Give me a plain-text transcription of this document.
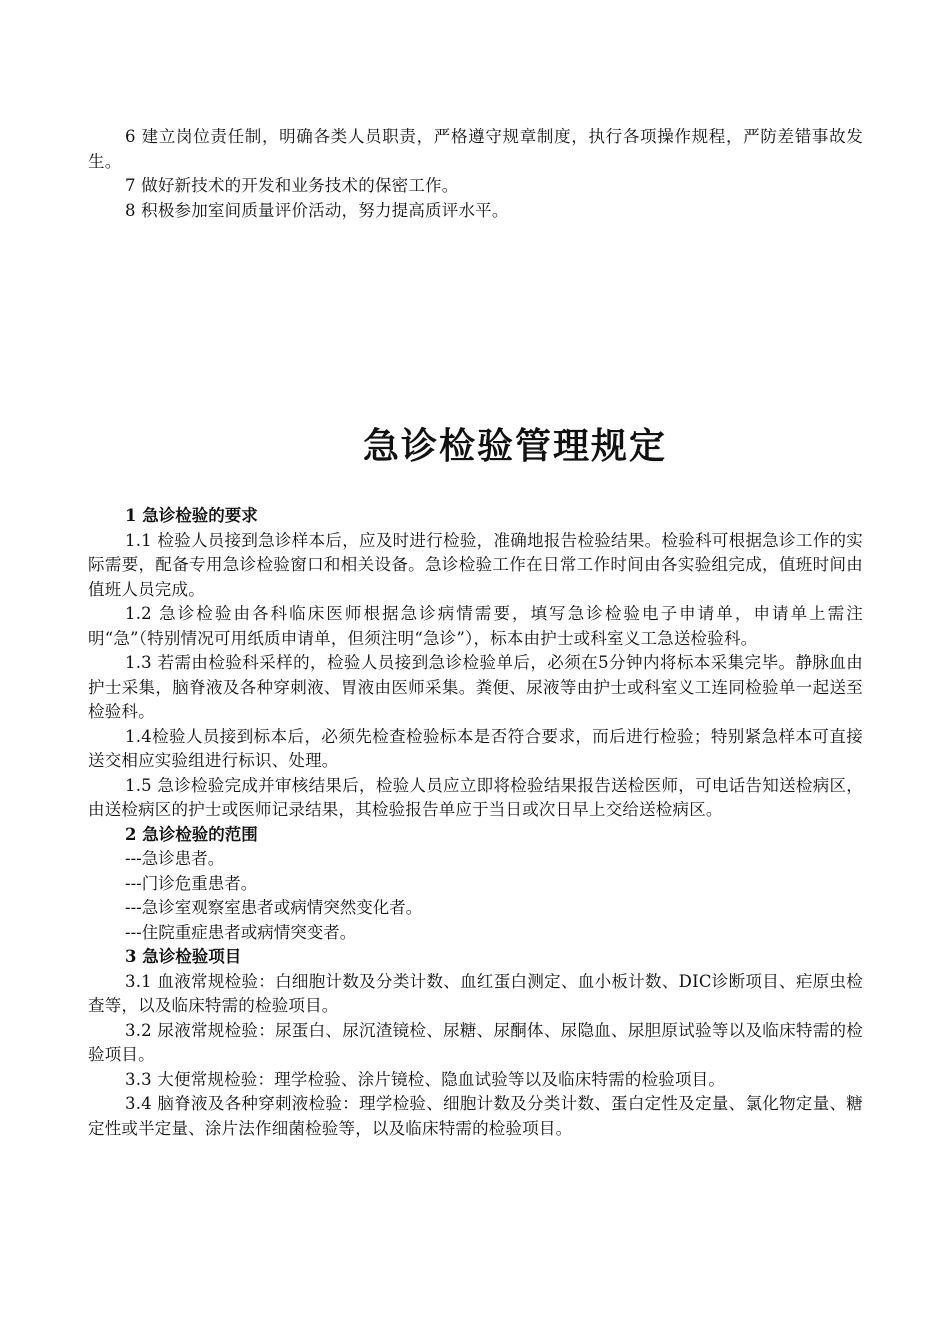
6 建立岗位责任制，明确各类人员职责，严格遵守规章制度，执行各项操作规程，严防差错事故发生。

7 做好新技术的开发和业务技术的保密工作。

8 积极参加室间质量评价活动，努力提高质评水平。

急诊检验管理规定

1 急诊检验的要求

1.1 检验人员接到急诊样本后，应及时进行检验，准确地报告检验结果。检验科可根据急诊工作的实际需要，配备专用急诊检验窗口和相关设备。急诊检验工作在日常工作时间由各实验组完成，值班时间由值班人员完成。

1.2 急诊检验由各科临床医师根据急诊病情需要，填写急诊检验电子申请单，申请单上需注明“急”（特别情况可用纸质申请单，但须注明“急诊”），标本由护士或科室义工急送检验科。

1.3 若需由检验科采样的，检验人员接到急诊检验单后，必须在5分钟内将标本采集完毕。静脉血由护士采集，脑脊液及各种穿刺液、胃液由医师采集。粪便、尿液等由护士或科室义工连同检验单一起送至检验科。

1.4检验人员接到标本后，必须先检查检验标本是否符合要求，而后进行检验；特别紧急样本可直接送交相应实验组进行标识、处理。

1.5 急诊检验完成并审核结果后，检验人员应立即将检验结果报告送检医师，可电话告知送检病区，由送检病区的护士或医师记录结果，其检验报告单应于当日或次日早上交给送检病区。

2 急诊检验的范围

---急诊患者。

---门诊危重患者。

---急诊室观察室患者或病情突然变化者。

---住院重症患者或病情突变者。

3 急诊检验项目

3.1 血液常规检验：白细胞计数及分类计数、血红蛋白测定、血小板计数、DIC诊断项目、疟原虫检查等，以及临床特需的检验项目。

3.2 尿液常规检验：尿蛋白、尿沉渣镜检、尿糖、尿酮体、尿隐血、尿胆原试验等以及临床特需的检验项目。

3.3 大便常规检验：理学检验、涂片镜检、隐血试验等以及临床特需的检验项目。

3.4 脑脊液及各种穿刺液检验：理学检验、细胞计数及分类计数、蛋白定性及定量、氯化物定量、糖定性或半定量、涂片法作细菌检验等，以及临床特需的检验项目。
